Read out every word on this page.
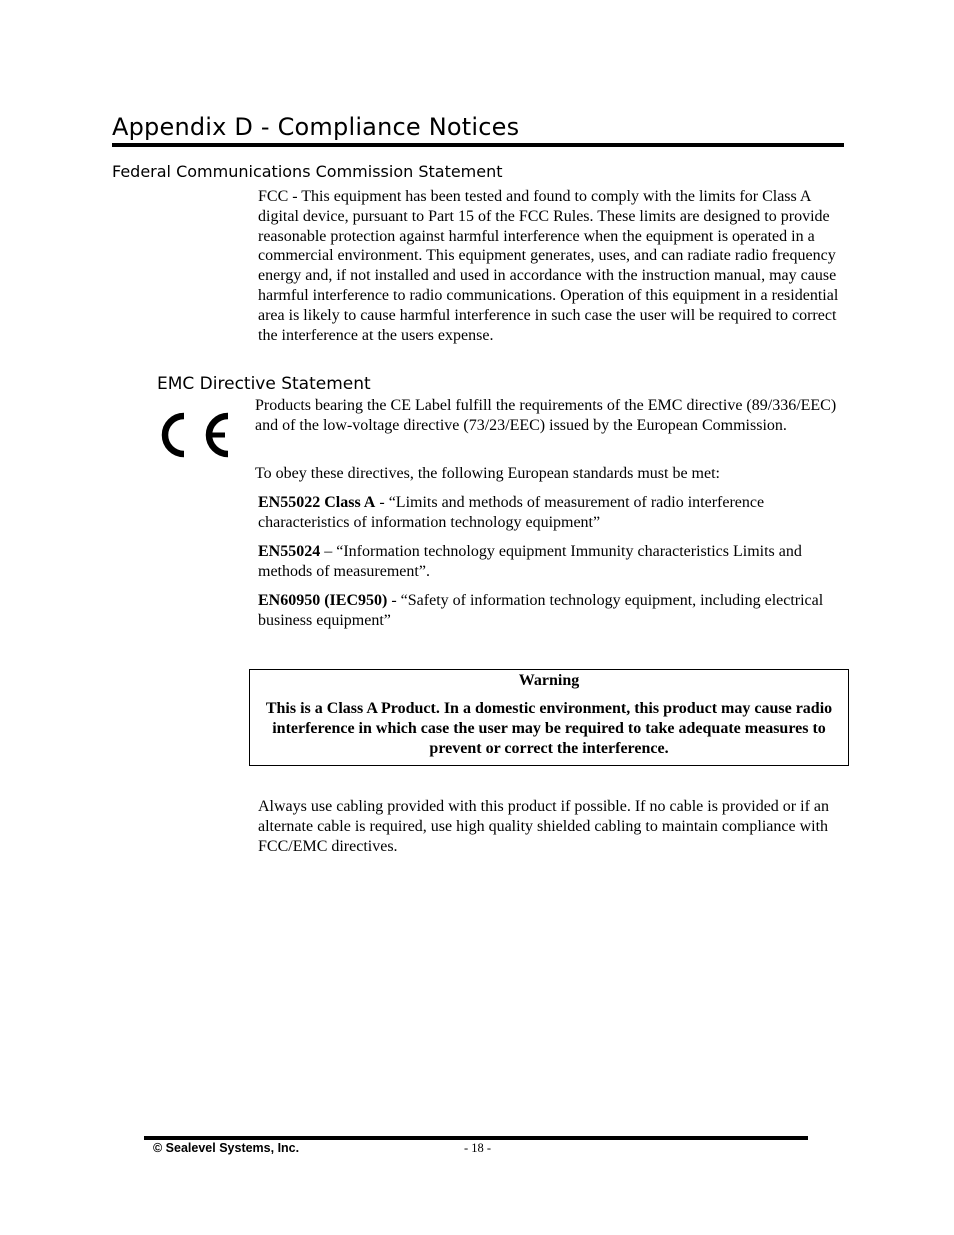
Appendix D - Compliance Notices
Federal Communications Commission Statement

FCC - This equipment has been tested and found to comply with the limits for Class A digital device, pursuant to Part 15 of the FCC Rules. These limits are designed to provide reasonable protection against harmful interference when the equipment is operated in a commercial environment. This equipment generates, uses, and can radiate radio frequency energy and, if not installed and used in accordance with the instruction manual, may cause harmful interference to radio communications. Operation of this equipment in a residential area is likely to cause harmful interference in such case the user will be required to correct the interference at the users expense.

EMC Directive Statement

Products bearing the CE Label fulfill the requirements of the EMC directive (89/336/EEC) and of the low-voltage directive (73/23/EEC) issued by the European Commission.

To obey these directives, the following European standards must be met:

EN55022 Class A - “Limits and methods of measurement of radio interference characteristics of information technology equipment”

EN55024 – “Information technology equipment Immunity characteristics Limits and methods of measurement”.

EN60950 (IEC950) - “Safety of information technology equipment, including electrical business equipment”

Warning

This is a Class A Product. In a domestic environment, this product may cause radio interference in which case the user may be required to take adequate measures to prevent or correct the interference.

Always use cabling provided with this product if possible. If no cable is provided or if an alternate cable is required, use high quality shielded cabling to maintain compliance with FCC/EMC directives.

© Sealevel Systems, Inc.	- 18 -
